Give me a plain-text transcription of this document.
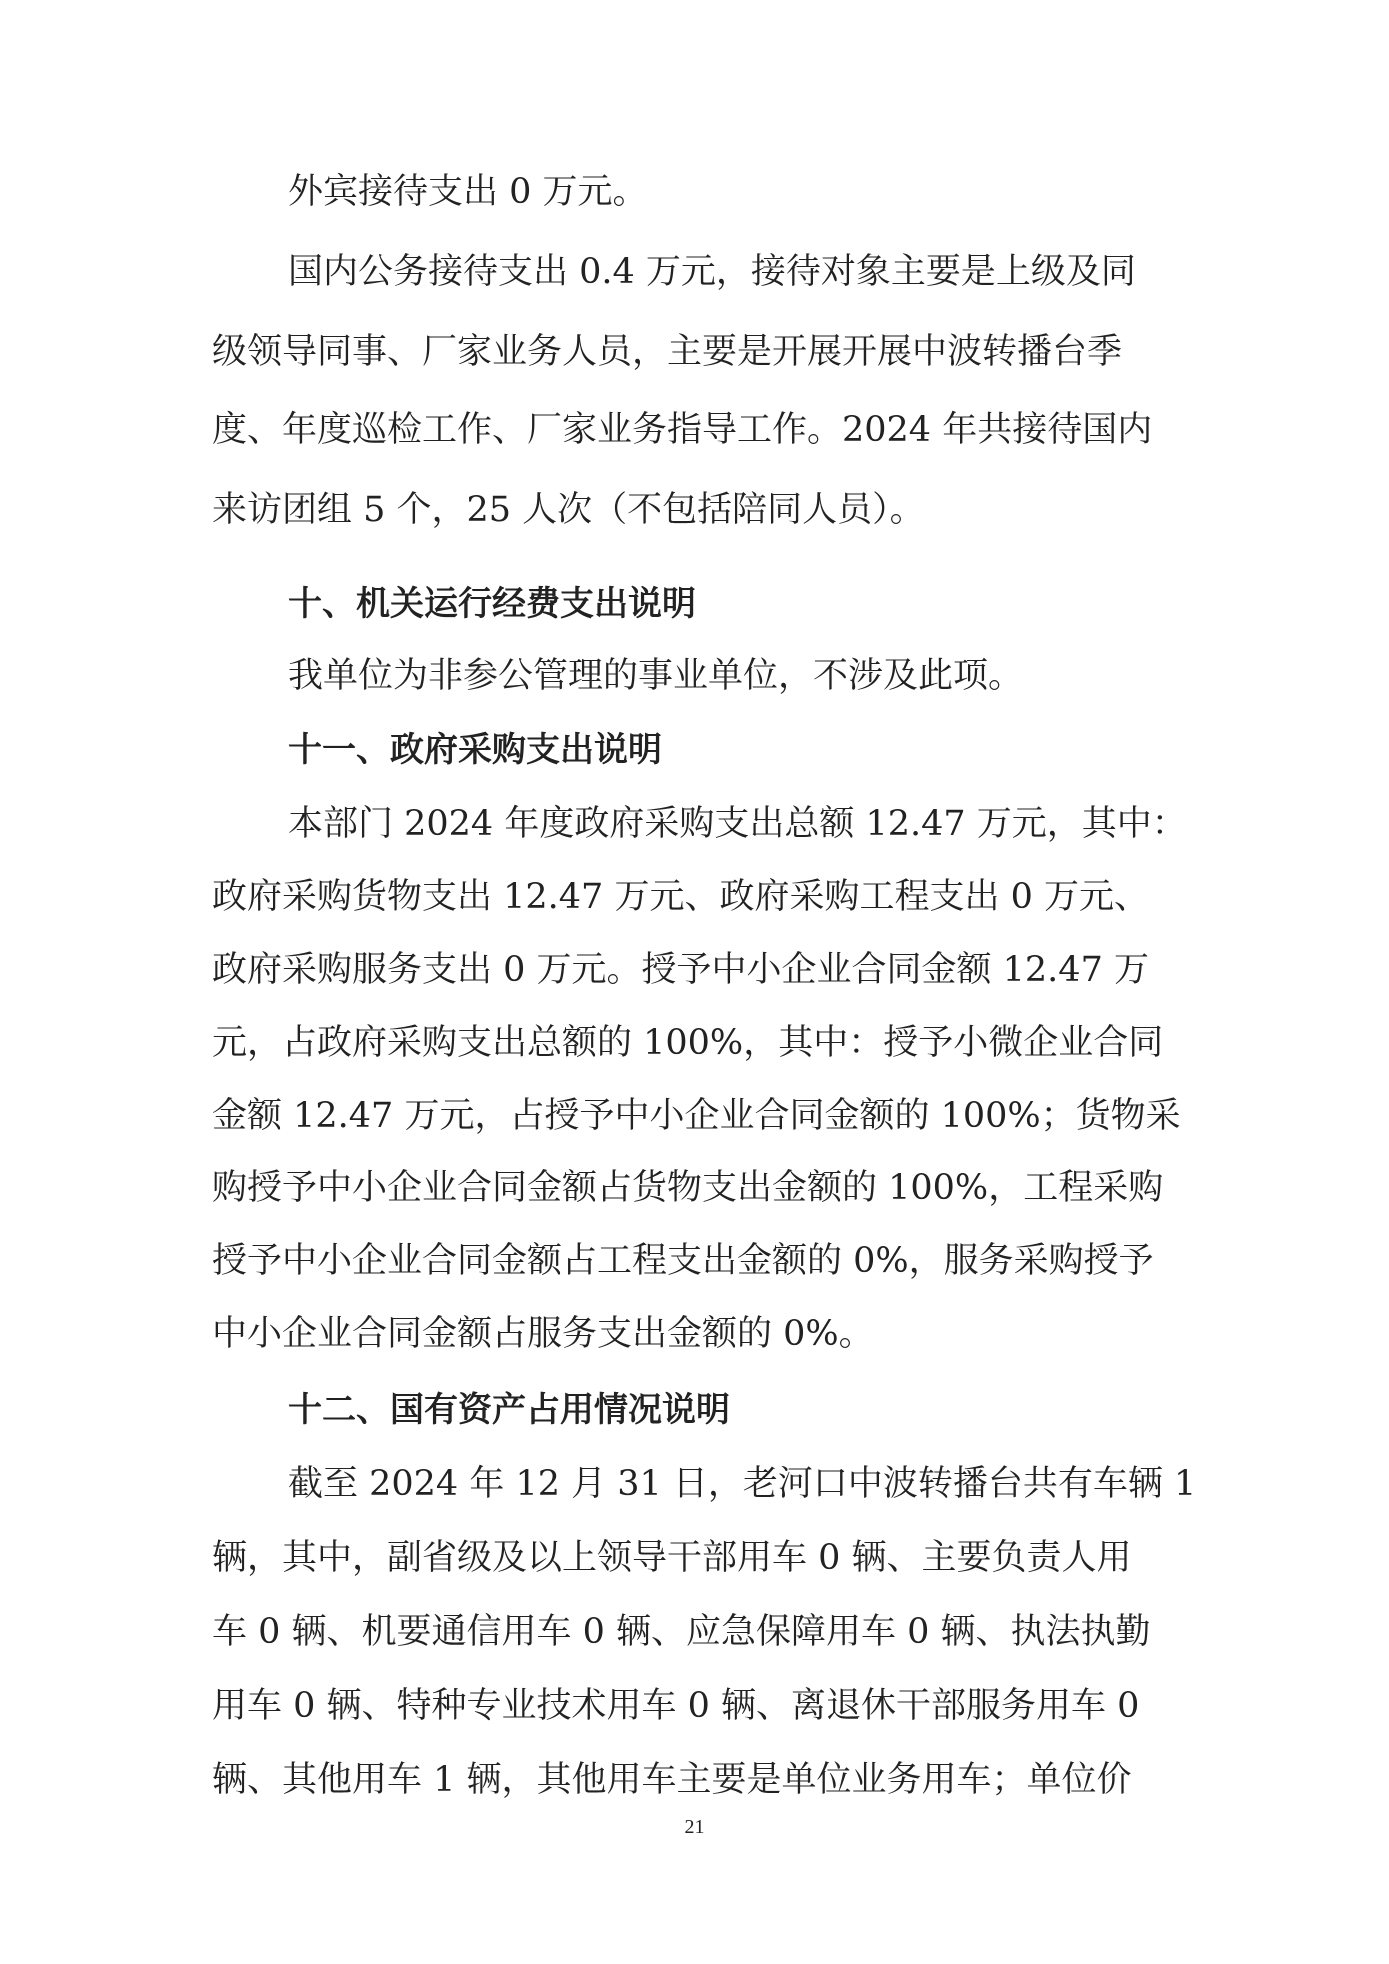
外宾接待支出 0 万元。
国内公务接待支出 0.4 万元，接待对象主要是上级及同
级领导同事、厂家业务人员，主要是开展开展中波转播台季
度、年度巡检工作、厂家业务指导工作。2024 年共接待国内
来访团组 5 个，25 人次（不包括陪同人员）。
十、机关运行经费支出说明
我单位为非参公管理的事业单位，不涉及此项。
十一、政府采购支出说明
本部门 2024 年度政府采购支出总额 12.47 万元，其中：
政府采购货物支出 12.47 万元、政府采购工程支出 0 万元、
政府采购服务支出 0 万元。授予中小企业合同金额 12.47 万
元，占政府采购支出总额的 100%，其中：授予小微企业合同
金额 12.47 万元，占授予中小企业合同金额的 100%；货物采
购授予中小企业合同金额占货物支出金额的 100%，工程采购
授予中小企业合同金额占工程支出金额的 0%，服务采购授予
中小企业合同金额占服务支出金额的 0%。
十二、国有资产占用情况说明
截至 2024 年 12 月 31 日，老河口中波转播台共有车辆 1
辆，其中，副省级及以上领导干部用车 0 辆、主要负责人用
车 0 辆、机要通信用车 0 辆、应急保障用车 0 辆、执法执勤
用车 0 辆、特种专业技术用车 0 辆、离退休干部服务用车 0
辆、其他用车 1 辆，其他用车主要是单位业务用车；单位价
21
